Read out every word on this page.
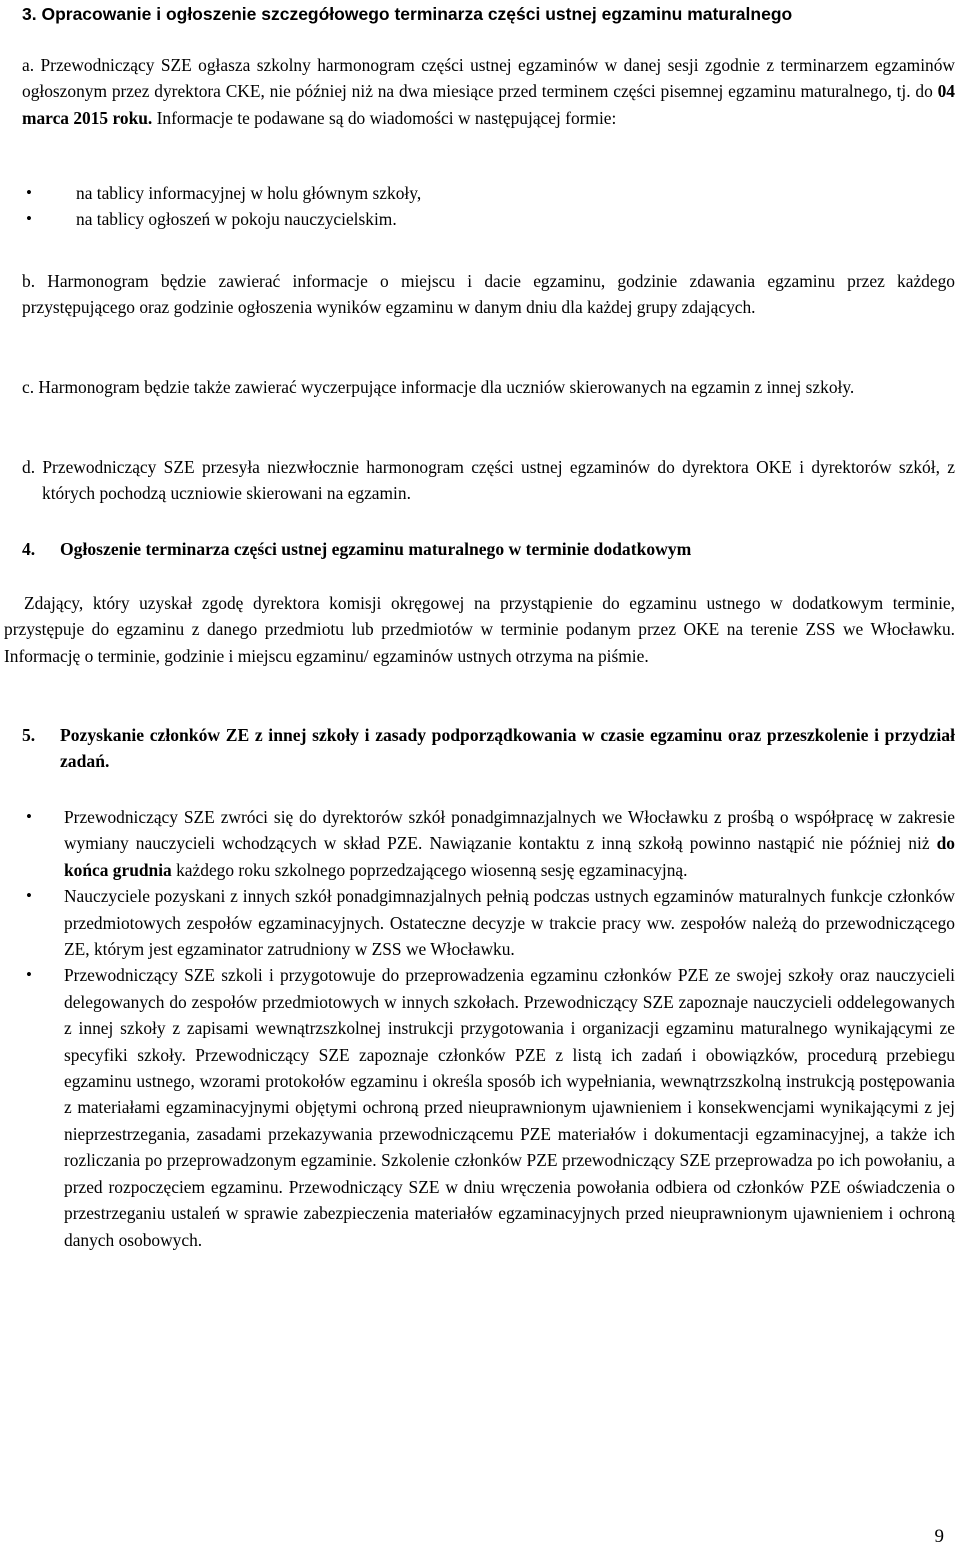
3. Opracowanie i ogłoszenie szczegółowego terminarza części ustnej egzaminu maturalnego

a. Przewodniczący SZE ogłasza szkolny harmonogram części ustnej egzaminów w danej sesji zgodnie z terminarzem egzaminów ogłoszonym przez dyrektora CKE, nie później niż na dwa miesiące przed terminem części pisemnej egzaminu maturalnego, tj. do 04 marca 2015 roku. Informacje te podawane są do wiadomości w następującej formie:

•	na tablicy informacyjnej w holu głównym szkoły,
•	na tablicy ogłoszeń w pokoju nauczycielskim.

b. Harmonogram będzie zawierać informacje o miejscu i dacie egzaminu, godzinie zdawania egzaminu przez każdego przystępującego oraz godzinie ogłoszenia wyników egzaminu w danym dniu dla każdej grupy zdających.

c. Harmonogram będzie także zawierać wyczerpujące informacje dla uczniów skierowanych na egzamin z innej szkoły.

d. Przewodniczący SZE przesyła niezwłocznie harmonogram części ustnej egzaminów do dyrektora OKE i dyrektorów szkół, z których pochodzą uczniowie skierowani na egzamin.

4. Ogłoszenie terminarza części ustnej egzaminu maturalnego w terminie dodatkowym

Zdający, który uzyskał zgodę dyrektora komisji okręgowej na przystąpienie do egzaminu ustnego w dodatkowym terminie, przystępuje do egzaminu z danego przedmiotu lub przedmiotów w terminie podanym przez OKE na terenie ZSS we Włocławku. Informację o terminie, godzinie i miejscu egzaminu/ egzaminów ustnych otrzyma na piśmie.

5. Pozyskanie członków ZE z innej szkoły i zasady podporządkowania w czasie egzaminu oraz przeszkolenie i przydział zadań.

• Przewodniczący SZE zwróci się do dyrektorów szkół ponadgimnazjalnych we Włocławku z prośbą o współpracę w zakresie wymiany nauczycieli wchodzących w skład PZE. Nawiązanie kontaktu z inną szkołą powinno nastąpić nie później niż do końca grudnia każdego roku szkolnego poprzedzającego wiosenną sesję egzaminacyjną.

• Nauczyciele pozyskani z innych szkół ponadgimnazjalnych pełnią podczas ustnych egzaminów maturalnych funkcje członków przedmiotowych zespołów egzaminacyjnych. Ostateczne decyzje w trakcie pracy ww. zespołów należą do przewodniczącego ZE, którym jest egzaminator zatrudniony w ZSS we Włocławku.

• Przewodniczący SZE szkoli i przygotowuje do przeprowadzenia egzaminu członków PZE ze swojej szkoły oraz nauczycieli delegowanych do zespołów przedmiotowych w innych szkołach. Przewodniczący SZE zapoznaje nauczycieli oddelegowanych z innej szkoły z zapisami wewnątrzszkolnej instrukcji przygotowania i organizacji egzaminu maturalnego wynikającymi ze specyfiki szkoły. Przewodniczący SZE zapoznaje członków PZE z listą ich zadań i obowiązków, procedurą przebiegu egzaminu ustnego, wzorami protokołów egzaminu i określa sposób ich wypełniania, wewnątrzszkolną instrukcją postępowania z materiałami egzaminacyjnymi objętymi ochroną przed nieuprawnionym ujawnieniem i konsekwencjami wynikającymi z jej nieprzestrzegania, zasadami przekazywania przewodniczącemu PZE materiałów i dokumentacji egzaminacyjnej, a także ich rozliczania po przeprowadzonym egzaminie. Szkolenie członków PZE przewodniczący SZE przeprowadza po ich powołaniu, a przed rozpoczęciem egzaminu. Przewodniczący SZE w dniu wręczenia powołania odbiera od członków PZE oświadczenia o przestrzeganiu ustaleń w sprawie zabezpieczenia materiałów egzaminacyjnych przed nieuprawnionym ujawnieniem i ochroną danych osobowych.

9
